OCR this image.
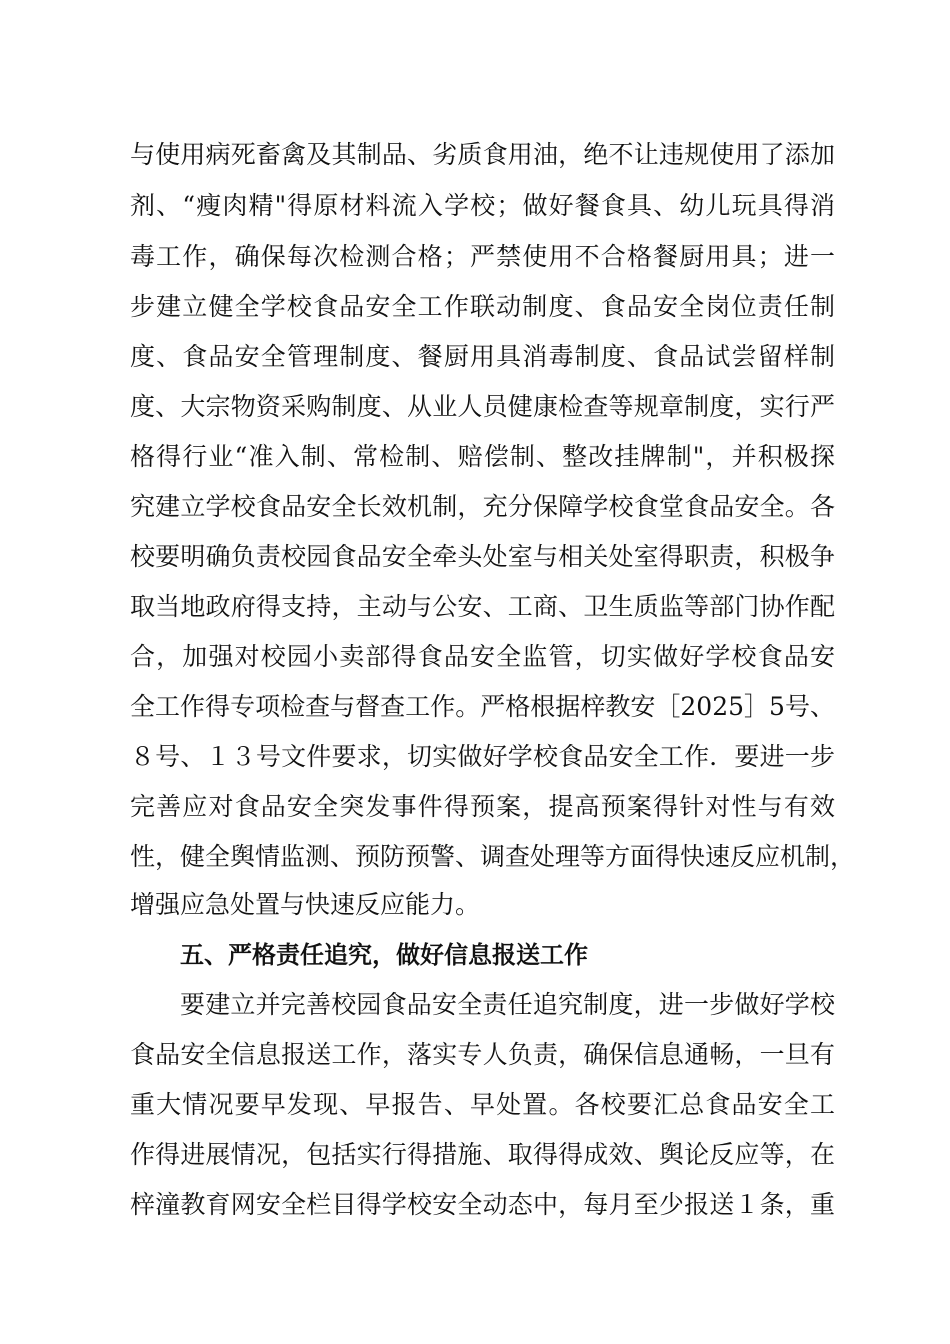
与使用病死畜禽及其制品、劣质食用油，绝不让违规使用了添加
剂、“瘦肉精"得原材料流入学校；做好餐食具、幼儿玩具得消
毒工作，确保每次检测合格；严禁使用不合格餐厨用具；进一
步建立健全学校食品安全工作联动制度、食品安全岗位责任制
度、食品安全管理制度、餐厨用具消毒制度、食品试尝留样制
度、大宗物资采购制度、从业人员健康检查等规章制度，实行严
格得行业“准入制、常检制、赔偿制、整改挂牌制"，并积极探
究建立学校食品安全长效机制，充分保障学校食堂食品安全。各
校要明确负责校园食品安全牵头处室与相关处室得职责，积极争
取当地政府得支持，主动与公安、工商、卫生质监等部门协作配
合，加强对校园小卖部得食品安全监管，切实做好学校食品安
全工作得专项检查与督查工作。严格根据梓教安［2025］5号、
８号、１３号文件要求，切实做好学校食品安全工作．要进一步
完善应对食品安全突发事件得预案，提高预案得针对性与有效
性，健全舆情监测、预防预警、调查处理等方面得快速反应机制，
增强应急处置与快速反应能力。
五、严格责任追究，做好信息报送工作
要建立并完善校园食品安全责任追究制度，进一步做好学校
食品安全信息报送工作，落实专人负责，确保信息通畅，一旦有
重大情况要早发现、早报告、早处置。各校要汇总食品安全工
作得进展情况，包括实行得措施、取得得成效、舆论反应等，在
梓潼教育网安全栏目得学校安全动态中，每月至少报送１条，重
